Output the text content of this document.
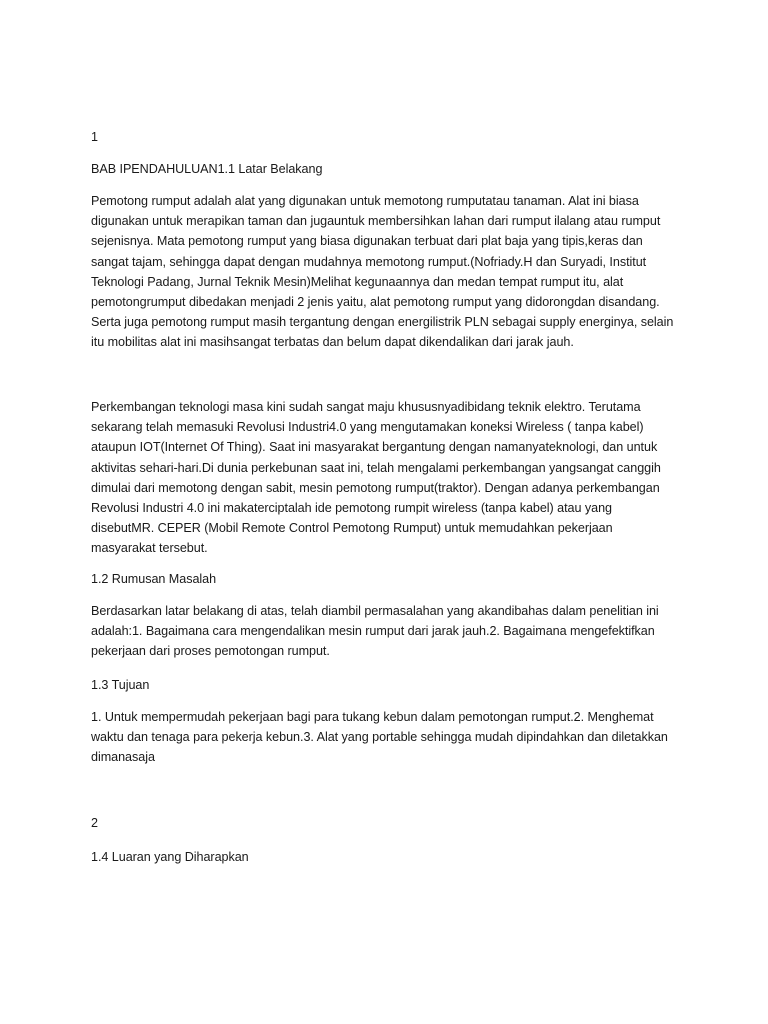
1

BAB IPENDAHULUAN1.1 Latar Belakang

Pemotong rumput adalah alat yang digunakan untuk memotong rumputatau tanaman. Alat ini biasa
digunakan untuk merapikan taman dan jugauntuk membersihkan lahan dari rumput ilalang atau rumput
sejenisnya. Mata pemotong rumput yang biasa digunakan terbuat dari plat baja yang tipis,keras dan
sangat tajam, sehingga dapat dengan mudahnya memotong rumput.(Nofriady.H dan Suryadi, Institut
Teknologi Padang, Jurnal Teknik Mesin)Melihat kegunaannya dan medan tempat rumput itu, alat
pemotongrumput dibedakan menjadi 2 jenis yaitu, alat pemotong rumput yang didorongdan disandang.
Serta juga pemotong rumput masih tergantung dengan energilistrik PLN sebagai supply energinya, selain
itu mobilitas alat ini masihsangat terbatas dan belum dapat dikendalikan dari jarak jauh.
Perkembangan teknologi masa kini sudah sangat maju khususnyadibidang teknik elektro. Terutama
sekarang telah memasuki Revolusi Industri4.0 yang mengutamakan koneksi Wireless ( tanpa kabel)
ataupun IOT(Internet Of Thing). Saat ini masyarakat bergantung dengan namanyateknologi, dan untuk
aktivitas sehari-hari.Di dunia perkebunan saat ini, telah mengalami perkembangan yangsangat canggih
dimulai dari memotong dengan sabit, mesin pemotong rumput(traktor). Dengan adanya perkembangan
Revolusi Industri 4.0 ini makaterciptalah ide pemotong rumpit wireless (tanpa kabel) atau yang
disebutMR. CEPER (Mobil Remote Control Pemotong Rumput) untuk memudahkan pekerjaan
masyarakat tersebut.

1.2 Rumusan Masalah

Berdasarkan latar belakang di atas, telah diambil permasalahan yang akandibahas dalam penelitian ini
adalah:1. Bagaimana cara mengendalikan mesin rumput dari jarak jauh.2. Bagaimana mengefektifkan
pekerjaan dari proses pemotongan rumput.

1.3 Tujuan

1. Untuk mempermudah pekerjaan bagi para tukang kebun dalam pemotongan rumput.2. Menghemat
waktu dan tenaga para pekerja kebun.3. Alat yang portable sehingga mudah dipindahkan dan diletakkan
dimanasaja

2

1.4 Luaran yang Diharapkan
